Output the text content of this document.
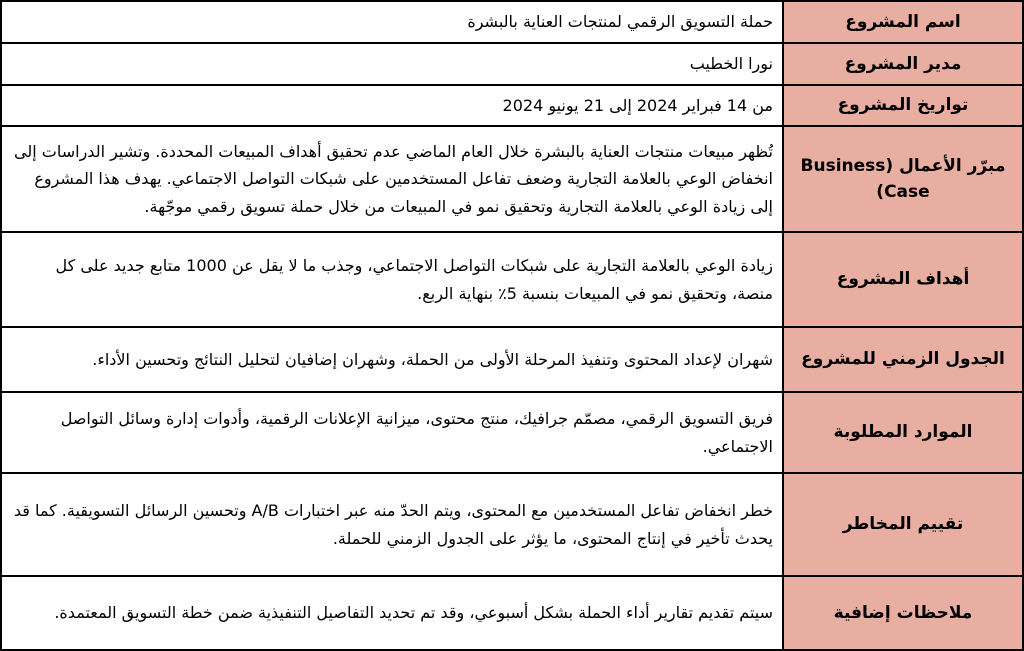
اسم المشروع

حملة التسويق الرقمي لمنتجات العناية بالبشرة

مدير المشروع

نورا الخطيب

تواريخ المشروع

من 14 فبراير 2024 إلى 21 يونيو 2024

مبرّر الأعمال (Business Case)

تُظهر مبيعات منتجات العناية بالبشرة خلال العام الماضي عدم تحقيق أهداف المبيعات المحددة. وتشير الدراسات إلى انخفاض الوعي بالعلامة التجارية وضعف تفاعل المستخدمين على شبكات التواصل الاجتماعي. يهدف هذا المشروع إلى زيادة الوعي بالعلامة التجارية وتحقيق نمو في المبيعات من خلال حملة تسويق رقمي موجّهة.

أهداف المشروع

زيادة الوعي بالعلامة التجارية على شبكات التواصل الاجتماعي، وجذب ما لا يقل عن 1000 متابع جديد على كل منصة، وتحقيق نمو في المبيعات بنسبة 5‏٪ بنهاية الربع.

الجدول الزمني للمشروع

شهران لإعداد المحتوى وتنفيذ المرحلة الأولى من الحملة، وشهران إضافيان لتحليل النتائج وتحسين الأداء.

الموارد المطلوبة

فريق التسويق الرقمي، مصمّم جرافيك، منتج محتوى، ميزانية الإعلانات الرقمية، وأدوات إدارة وسائل التواصل الاجتماعي.

تقييم المخاطر

خطر انخفاض تفاعل المستخدمين مع المحتوى، ويتم الحدّ منه عبر اختبارات A/B وتحسين الرسائل التسويقية. كما قد يحدث تأخير في إنتاج المحتوى، ما يؤثر على الجدول الزمني للحملة.

ملاحظات إضافية

سيتم تقديم تقارير أداء الحملة بشكل أسبوعي، وقد تم تحديد التفاصيل التنفيذية ضمن خطة التسويق المعتمدة.
